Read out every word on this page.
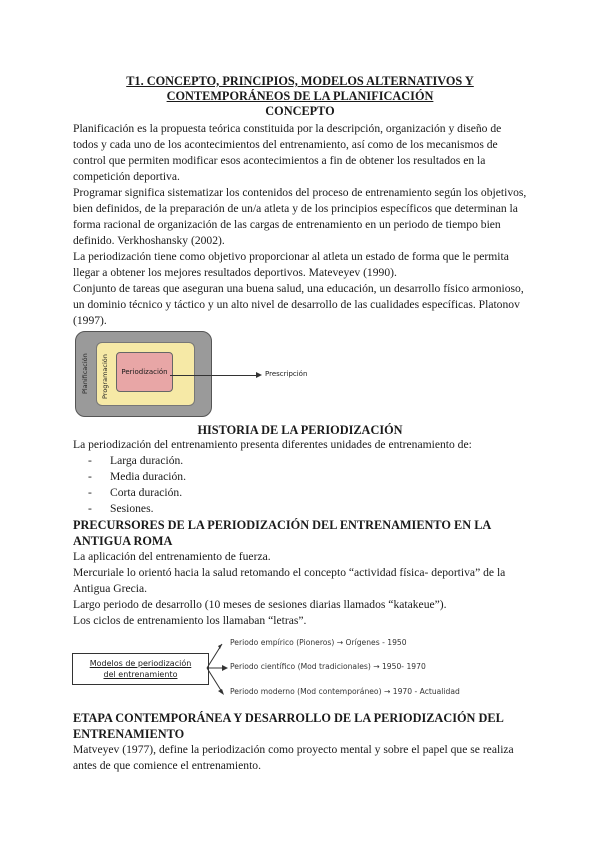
T1. CONCEPTO, PRINCIPIOS, MODELOS ALTERNATIVOS Y
CONTEMPORÁNEOS DE LA PLANIFICACIÓN
CONCEPTO

Planificación es la propuesta teórica constituida por la descripción, organización y diseño de todos y cada uno de los acontecimientos del entrenamiento, así como de los mecanismos de control que permiten modificar esos acontecimientos a fin de obtener los resultados en la competición deportiva.

Programar significa sistematizar los contenidos del proceso de entrenamiento según los objetivos, bien definidos, de la preparación de un/a atleta y de los principios específicos que determinan la forma racional de organización de las cargas de entrenamiento en un periodo de tiempo bien definido. Verkhoshansky (2002).

La periodización tiene como objetivo proporcionar al atleta un estado de forma que le permita llegar a obtener los mejores resultados deportivos. Mateveyev (1990).

Conjunto de tareas que aseguran una buena salud, una educación, un desarrollo físico armonioso, un dominio técnico y táctico y un alto nivel de desarrollo de las cualidades específicas. Platonov (1997).

Planificación Programación Periodización	Prescripción
HISTORIA DE LA PERIODIZACIÓN

La periodización del entrenamiento presenta diferentes unidades de entrenamiento de:

- Larga duración.
- Media duración.
- Corta duración.
- Sesiones.

PRECURSORES DE LA PERIODIZACIÓN DEL ENTRENAMIENTO EN LA ANTIGUA ROMA

La aplicación del entrenamiento de fuerza.

Mercuriale lo orientó hacia la salud retomando el concepto “actividad física- deportiva” de la Antigua Grecia.

Largo periodo de desarrollo (10 meses de sesiones diarias llamados “katakeue”).

Los ciclos de entrenamiento los llamaban “letras”.

Modelos de periodización
del entrenamiento
Periodo empírico (Pioneros) → Orígenes - 1950
Periodo científico (Mod tradicionales) → 1950- 1970
Periodo moderno (Mod contemporáneo) → 1970 - Actualidad

ETAPA CONTEMPORÁNEA Y DESARROLLO DE LA PERIODIZACIÓN DEL ENTRENAMIENTO

Matveyev (1977), define la periodización como proyecto mental y sobre el papel que se realiza antes de que comience el entrenamiento.
